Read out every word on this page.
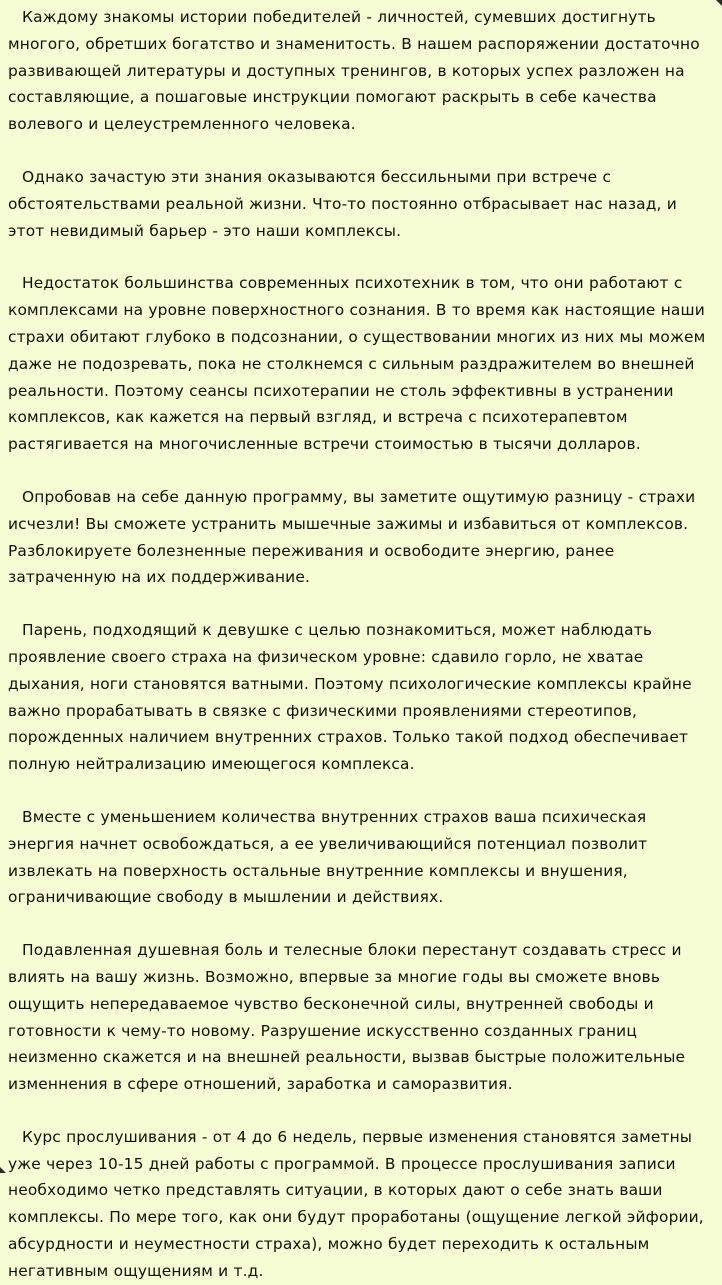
Каждому знакомы истории победителей - личностей, сумевших достигнуть многого, обретших богатство и знаменитость. В нашем распоряжении достаточно развивающей литературы и доступных тренингов, в которых успех разложен на составляющие, а пошаговые инструкции помогают раскрыть в себе качества волевого и целеустремленного человека.

Однако зачастую эти знания оказываются бессильными при встрече с обстоятельствами реальной жизни. Что-то постоянно отбрасывает нас назад, и этот невидимый барьер - это наши комплексы.

Недостаток большинства современных психотехник в том, что они работают с комплексами на уровне поверхностного сознания. В то время как настоящие наши страхи обитают глубоко в подсознании, о существовании многих из них мы можем даже не подозревать, пока не столкнемся с сильным раздражителем во внешней реальности. Поэтому сеансы психотерапии не столь эффективны в устранении комплексов, как кажется на первый взгляд, и встреча с психотерапевтом растягивается на многочисленные встречи стоимостью в тысячи долларов.

Опробовав на себе данную программу, вы заметите ощутимую разницу - страхи исчезли! Вы сможете устранить мышечные зажимы и избавиться от комплексов. Разблокируете болезненные переживания и освободите энергию, ранее затраченную на их поддерживание.

Парень, подходящий к девушке с целью познакомиться, может наблюдать проявление своего страха на физическом уровне: сдавило горло, не хватае дыхания, ноги становятся ватными. Поэтому психологические комплексы крайне важно прорабатывать в связке с физическими проявлениями стереотипов, порожденных наличием внутренних страхов. Только такой подход обеспечивает полную нейтрализацию имеющегося комплекса.

Вместе с уменьшением количества внутренних страхов ваша психическая энергия начнет освобождаться, а ее увеличивающийся потенциал позволит извлекать на поверхность остальные внутренние комплексы и внушения, ограничивающие свободу в мышлении и действиях.

Подавленная душевная боль и телесные блоки перестанут создавать стресс и влиять на вашу жизнь. Возможно, впервые за многие годы вы сможете вновь ощущить непередаваемое чувство бесконечной силы, внутренней свободы и готовности к чему-то новому. Разрушение искусственно созданных границ неизменно скажется и на внешней реальности, вызвав быстрые положительные изменнения в сфере отношений, заработка и саморазвития.

Курс прослушивания - от 4 до 6 недель, первые изменения становятся заметны уже через 10-15 дней работы с программой. В процессе прослушивания записи необходимо четко представлять ситуации, в которых дают о себе знать ваши комплексы. По мере того, как они будут проработаны (ощущение легкой эйфории, абсурдности и неуместности страха), можно будет переходить к остальным негативным ощущениям и т.д.
